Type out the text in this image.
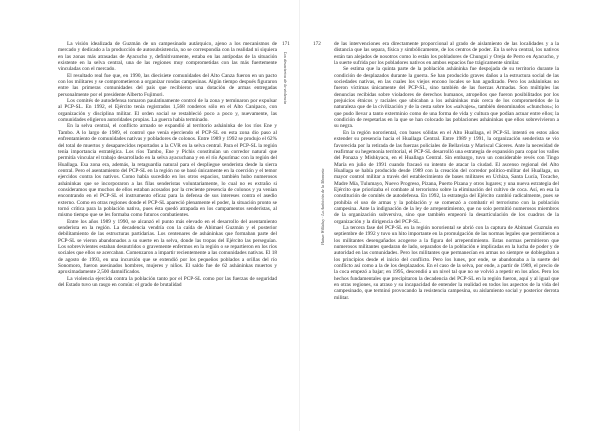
La visión idealizada de Guzmán de un campesinado autárquico, ajeno a los mecanismos de mercado y dedicado a la producción de autosubsistencia, no se correspondía con la realidad ni siquiera en las zonas más atrasadas de Ayacucho y, definitivamente, estaba en las antípodas de la situación existente en la selva central, una de las regiones muy comprometidas con las más fuertemente vinculadas con el mercado.

El resultado real fue que, en 1990, las diecisiete comunidades del Alto Canza fueron en un pacto con los militares y se comprometieron a organizar rondas campesinas. Algún tiempo después figuraron entre las primeras comunidades del país que recibieron una dotación de armas entregadas personalmente por el presidente Alberto Fujimori.

Los comités de autodefensa tomaron paulatinamente control de la zona y terminaron por expulsar al PCP-SL. En 1992, el Ejército tenía registrados 1,568 ronderos sólo en el Alto Canipaco, con organización y disciplina militar. El orden social se restableció poco a poco y, nuevamente, las comunidades eligieron autoridades propias. La guerra había terminado.

En la selva central, el conflicto armado se expandió al territorio asháninka de los ríos Ene y Tambo. A lo largo de 1989, el control que venía ejerciendo el PCP-SL en esta zona dio paso al enfrentamiento de comunidades nativas y pobladores de colonos. Entre 1989 y 1992 se produjo el 62% del total de muertos y desaparecidos reportados a la CVR en la selva central. Para el PCP-SL la región tenía importancia estratégica. Los ríos Tambo, Ene y Pichis constituían un corredor natural que permitía vincular el trabajo desarrollado en la selva ayacuchana y en el río Apurímac con la región del Huallaga. Esa zona era, además, la retaguardia natural para el despliegue senderista desde la sierra central. Pero el asentamiento del PCP-SL en la región no se basó únicamente en la coerción y el temor ejercidos contra los nativos. Como había sucedido en los otros espacios, también hubo numerosos asháninkas que se incorporaron a las filas senderistas voluntariamente, lo cual no es extraño si consideramos que muchos de ellos estaban acosados por la creciente presencia de colonos y ya venían encontrando en el PCP-SL el instrumento eficaz para la defensa de sus intereses contra el asedio externo. Como en otras regiones donde el PCP-SL apareció plenamente el poder, la situación pronto se tornó crítica para la población nativa, pues ésta quedó atrapada en los campamentos senderistas, al mismo tiempo que se les formaba como futuros combatientes.

Entre los años 1989 y 1990, se alcanzó el punto más elevado en el desarrollo del asentamiento senderista en la región. La decadencia vendría con la caída de Abimael Guzmán y el posterior debilitamiento de las estructuras partidarias. Los centenares de asháninkas que formaban parte del PCP-SL se vieron abandonados a su suerte en la selva, donde las tropas del Ejército las perseguían. Los sobrevivientes estaban desnutridos o gravemente enfermos en la región o se repartieron en los ríos sociales que ellos se acercaban. Comenzaron a impartir recientemente a las comunidades nativas. El 18 de agosto de 1993, en una incursión que se extendió por los pequeños poblados a orillas del río Sonomoro, fueron asesinados hombres, mujeres y niños. El saldo fue de 62 asháninkas muertos y aproximadamente 2,500 damnificados.

La violencia ejercida contra la población tanto por el PCP-SL como por las fuerzas de seguridad del Estado tuvo un rasgo en común: el grado de brutalidad

171
Los desaciertos de la violencia
172
Hatun Willakuy · La Ambición de la Memoria

de las intervenciones era directamente proporcional al grado de aislamiento de las localidades y a la distancia que las separa, física y simbólicamente, de los centros de poder. En la selva central, los nativos están tan alejados de nosotros como lo están los pobladores de Chungui y Oreja de Perro en Ayacucho, y la suerte sufrida por los pobladores nativos en ambos espacios fue trágicamente similar.

Se estima que la quinta parte de la población asháninka fue despojada de su territorio durante la condición de desplazados durante la guerra. Se han producido graves daños a la estructura social de las sociedades nativas, en las cuales los viejos encono locales se han agudizado. Pero los asháninkas no fueron víctimas únicamente del PCP-SL, sino también de las fuerzas Armadas. Son múltiples las denuncias recibidas sobre violadores de derechos humanos, atropellos que fueron posibilitados por los prejuicios étnicos y raciales que ubicaban a los asháninkas más cerca de los comprometidos de la naturaleza que de la civilización y de la cesta sobre los «salvajes», también denominados «chunchos»; lo que pudo llevar a tanto exterminio como de una forma de vida y cultura que podían actuar entre ellos; la condición de respetarlas en la que se han colocado las poblaciones asháninkas que ellos sobrevivieron a su negra.

En la región nororiental, con bases sólidas en el Alto Huallaga, el PCP-SL intentó en estos años extender su presencia hacia el Huallaga Central. Entre 1989 y 1991, la organización senderista se vio favorecida por la retirada de las fuerzas policiales de Bellavista y Mariscal Cáceres. Ante la necesidad de reafirmar su hegemonía territorial, el PCP-SL desarrolló una estrategia de expansión para copar los valles del Ponaza y Mishkyacu, en el Huallaga Central. Sin embargo, tuvo un considerable revés con Tingo María en julio de 1991 cuando fracasó su intento de atacar la ciudad. El ascenso regional del Alto Huallaga se había producido desde 1989 con la creación del corredor político-militar del Huallaga, un mayor control militar a través del establecimiento de bases militares en Uchiza, Santa Lucía, Tocache, Madre Mía, Tulumayo, Nuevo Progreso, Pizana, Puerto Pizana y otros lugares; y una nueva estrategia del Ejército que priorizaba el combate al terrorismo sobre la eliminación del cultivo de coca. Así, en esa la constitución de comités de autodefensa. En 1992, la estrategia del Ejército cambió radicalmente, pues se prohibía el uso de armas y la población y se comenzó a combatir el terrorismo con la población campesina. Ante la indignación de la ley de arrepentimiento, que no solo permitió numerosos miembros de la organización subversiva, sino que también empeoró la desarticulación de los cuadros de la organización y la dirigencia del PCP-SL.

La tercera fase del PCP-SL en la región nororiental se abrió con la captura de Abimael Guzmán en septiembre de 1992 y tuvo un hito importante en la promulgación de las normas legales que permitieron a los militantes desengañados acogerse a la figura del arrepentimiento. Estas normas permitieron que numerosos militantes quedaran de lado, separados de la población e implicadas en la lucha de poder y de autoridad en las comunidades. Pero los militantes que permanecían en armas no siempre se doblegaban a los principios desde el inicio del conflicto. Pero los lunes, por ende, se abandonaba a la suerte del conflicto así como a la de los desplazados. En el caso de la selva, por ende, a partir de 1989, el precio de la coca empezó a bajar; en 1995, descendió a un nivel tal que no se volvió a repetir en los años. Pero los hechos fundamentales que precipitaron la decadencia del PCP-SL en la región fueron, aquí y al igual que en otras regiones, su atraso y su incapacidad de entender la realidad en todos los aspectos de la vida del campesinado, que terminó provocando la resistencia campesina, su aislamiento social y posterior derrota militar.
